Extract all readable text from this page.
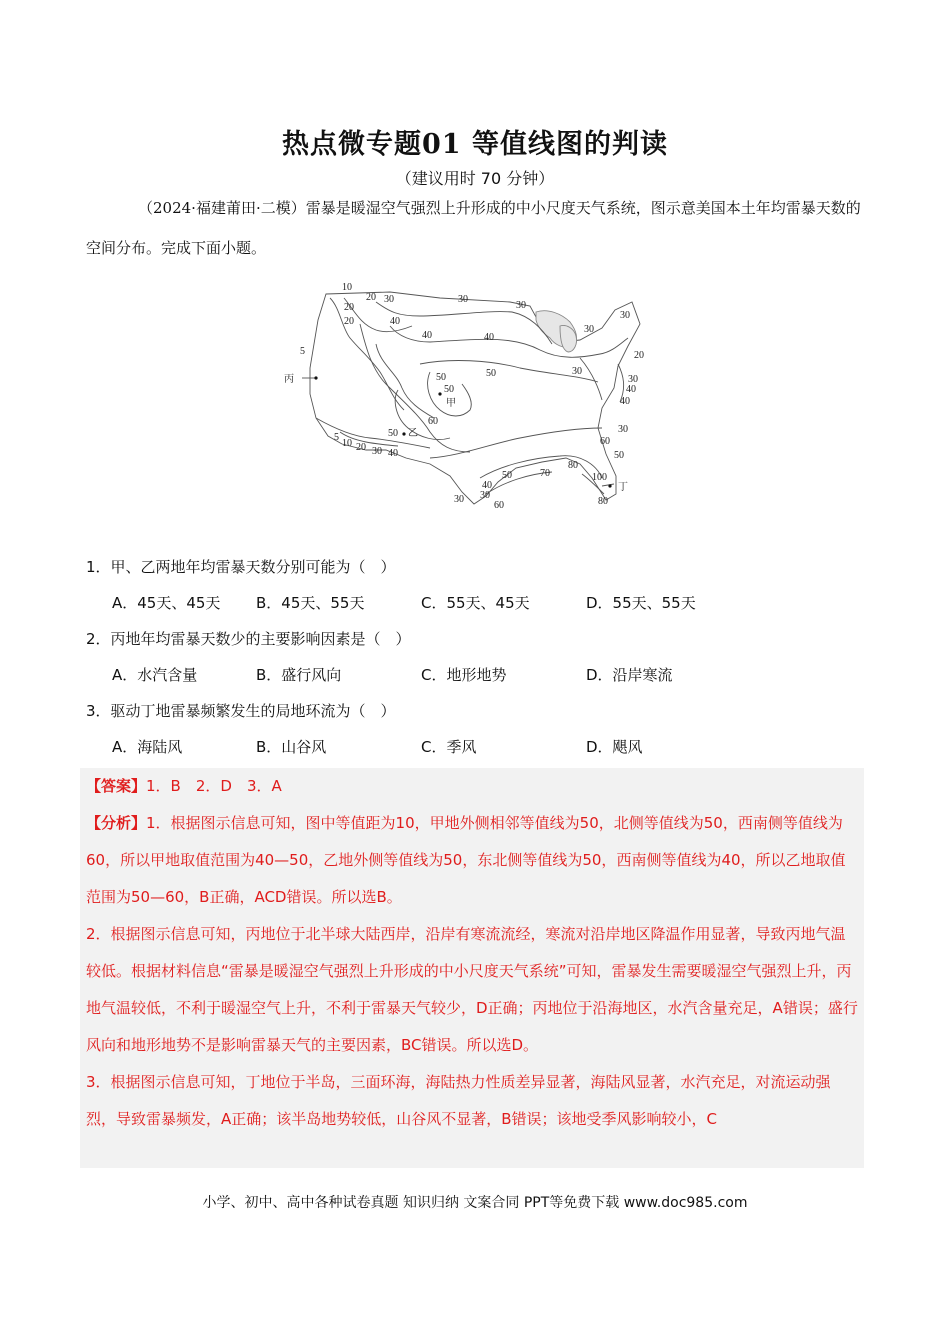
热点微专题01 等值线图的判读

（建议用时 70 分钟）

（2024·福建莆田·二模）雷暴是暖湿空气强烈上升形成的中小尺度天气系统，图示意美国本土年均雷暴天数的空间分布。完成下面小题。

10
20 30	30
30
30
20
20	40
40	40
50
5
丙	50
50
60
甲
50 乙
5
10 20 30 40
40
50
60
70
80
100
丁
80
30 30
30
40
30
30
20
30
40
50
60

1．甲、乙两地年均雷暴天数分别可能为（　）

A．45天、45天	B．45天、55天	C．55天、45天	D．55天、55天

2．丙地年均雷暴天数少的主要影响因素是（　）

A．水汽含量	B．盛行风向	C．地形地势	D．沿岸寒流

3．驱动丁地雷暴频繁发生的局地环流为（　）

A．海陆风	B．山谷风	C．季风	D．飓风

【答案】1．B　2．D　3．A

【分析】1．根据图示信息可知，图中等值距为10，甲地外侧相邻等值线为50，北侧等值线为50，西南侧等值线为60，所以甲地取值范围为40—50，乙地外侧等值线为50，东北侧等值线为50，西南侧等值线为40，所以乙地取值范围为50—60，B正确，ACD错误。所以选B。

2．根据图示信息可知，丙地位于北半球大陆西岸，沿岸有寒流流经，寒流对沿岸地区降温作用显著，导致丙地气温较低。根据材料信息“雷暴是暖湿空气强烈上升形成的中小尺度天气系统”可知，雷暴发生需要暖湿空气强烈上升，丙地气温较低，不利于暖湿空气上升，不利于雷暴天气较少，D正确；丙地位于沿海地区，水汽含量充足，A错误；盛行风向和地形地势不是影响雷暴天气的主要因素，BC错误。所以选D。

3．根据图示信息可知，丁地位于半岛，三面环海，海陆热力性质差异显著，海陆风显著，水汽充足，对流运动强烈，导致雷暴频发，A正确；该半岛地势较低，山谷风不显著，B错误；该地受季风影响较小，C

小学、初中、高中各种试卷真题 知识归纳 文案合同 PPT等免费下载 www.doc985.com
